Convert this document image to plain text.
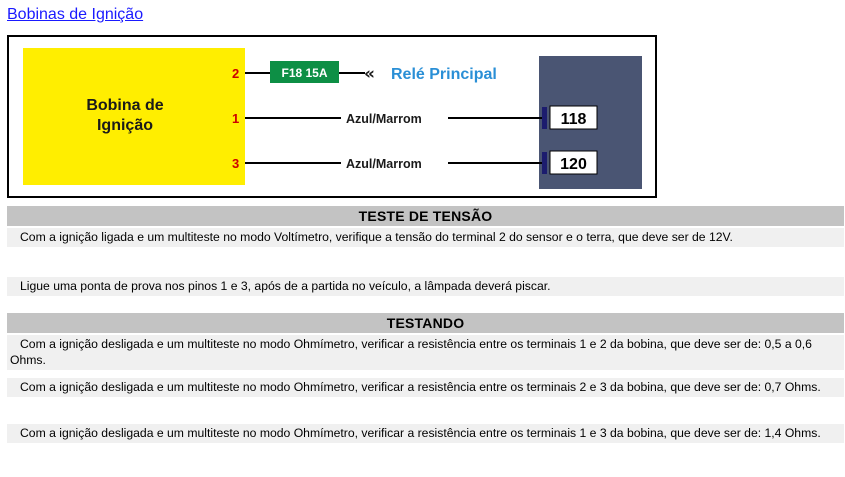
Bobinas de Ignição
Bobina de
Ignição
2
1
3
F18 15A « Relé Principal
Azul/Marrom	118
Azul/Marrom	120
TESTE DE TENSÃO
Com a ignição ligada e um multiteste no modo Voltímetro, verifique a tensão do terminal 2 do sensor e o terra, que deve ser de 12V.
Ligue uma ponta de prova nos pinos 1 e 3, após de a partida no veículo, a lâmpada deverá piscar.
TESTANDO
Com a ignição desligada e um multiteste no modo Ohmímetro, verificar a resistência entre os terminais 1 e 2 da bobina, que deve ser de: 0,5 a 0,6 Ohms.
Com a ignição desligada e um multiteste no modo Ohmímetro, verificar a resistência entre os terminais 2 e 3 da bobina, que deve ser de: 0,7 Ohms.
Com a ignição desligada e um multiteste no modo Ohmímetro, verificar a resistência entre os terminais 1 e 3 da bobina, que deve ser de: 1,4 Ohms.
